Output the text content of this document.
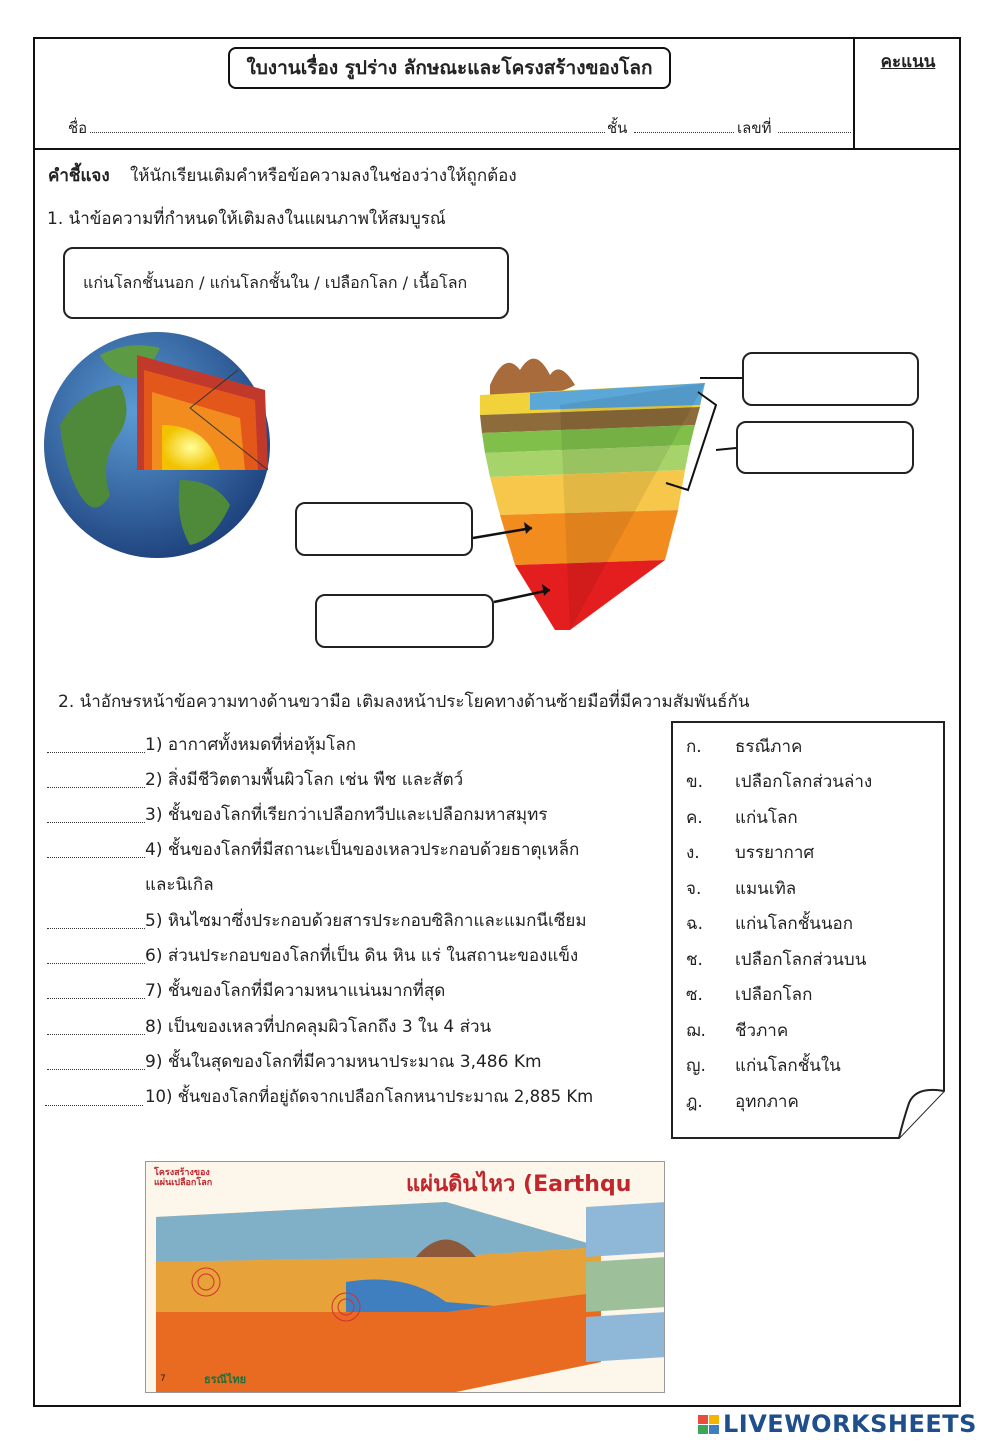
คะแนน
ใบงานเรื่อง รูปร่าง ลักษณะและโครงสร้างของโลก
ชื่อ	ชั้น	เลขที่
คำชี้แจง ให้นักเรียนเติมคำหรือข้อความลงในช่องว่างให้ถูกต้อง
1. นำข้อความที่กำหนดให้เติมลงในแผนภาพให้สมบูรณ์
แก่นโลกชั้นนอก / แก่นโลกชั้นใน / เปลือกโลก / เนื้อโลก
2. นำอักษรหน้าข้อความทางด้านขวามือ เติมลงหน้าประโยคทางด้านซ้ายมือที่มีความสัมพันธ์กัน
1) อากาศทั้งหมดที่ห่อหุ้มโลก
2) สิ่งมีชีวิตตามพื้นผิวโลก เช่น พืช และสัตว์
3) ชั้นของโลกที่เรียกว่าเปลือกทวีปและเปลือกมหาสมุทร
4) ชั้นของโลกที่มีสถานะเป็นของเหลวประกอบด้วยธาตุเหล็ก
และนิเกิล
5) หินไซมาซึ่งประกอบด้วยสารประกอบซิลิกาและแมกนีเซียม
6) ส่วนประกอบของโลกที่เป็น ดิน หิน แร่ ในสถานะของแข็ง
7) ชั้นของโลกที่มีความหนาแน่นมากที่สุด
8) เป็นของเหลวที่ปกคลุมผิวโลกถึง 3 ใน 4 ส่วน
9) ชั้นในสุดของโลกที่มีความหนาประมาณ 3,486 Km
10) ชั้นของโลกที่อยู่ถัดจากเปลือกโลกหนาประมาณ 2,885 Km
ก. ธรณีภาค
ข. เปลือกโลกส่วนล่าง
ค. แก่นโลก
ง. บรรยากาศ
จ. แมนเทิล
ฉ. แก่นโลกชั้นนอก
ช. เปลือกโลกส่วนบน
ซ. เปลือกโลก
ฌ. ชีวภาค
ญ. แก่นโลกชั้นใน
ฎ. อุทกภาค
แผ่นดินไหว (Earthqu
โครงสร้างของ
แผ่นเปลือกโลก
ธรณีไทย
7
LIVEWORKSHEETS
